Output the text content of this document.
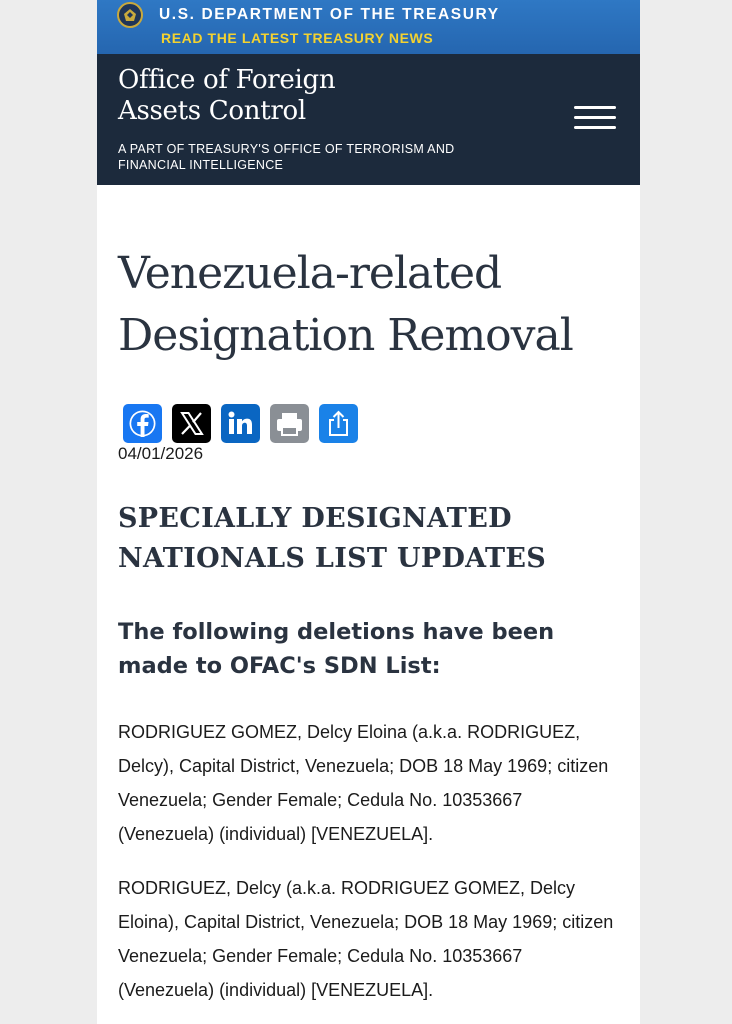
U.S. DEPARTMENT OF THE TREASURY
READ THE LATEST TREASURY NEWS
Office of Foreign Assets Control
A PART OF TREASURY'S OFFICE OF TERRORISM AND FINANCIAL INTELLIGENCE
Venezuela-related Designation Removal
04/01/2026
SPECIALLY DESIGNATED NATIONALS LIST UPDATES
The following deletions have been made to OFAC's SDN List:

RODRIGUEZ GOMEZ, Delcy Eloina (a.k.a. RODRIGUEZ, Delcy), Capital District, Venezuela; DOB 18 May 1969; citizen Venezuela; Gender Female; Cedula No. 10353667 (Venezuela) (individual) [VENEZUELA].

RODRIGUEZ, Delcy (a.k.a. RODRIGUEZ GOMEZ, Delcy Eloina), Capital District, Venezuela; DOB 18 May 1969; citizen Venezuela; Gender Female; Cedula No. 10353667 (Venezuela) (individual) [VENEZUELA].
